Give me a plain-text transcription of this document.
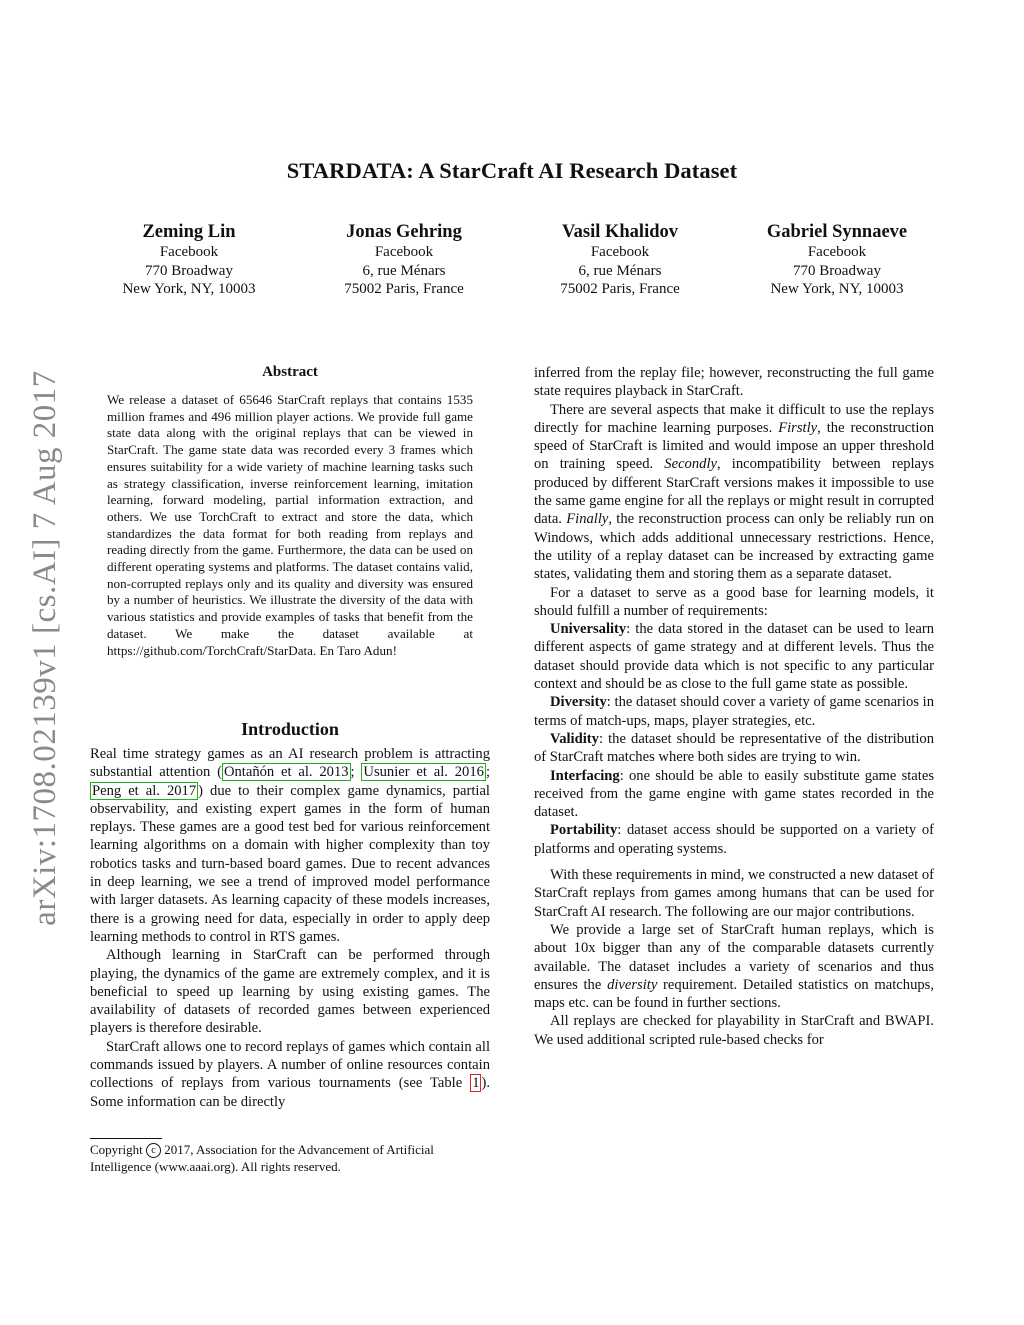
STARDATA: A StarCraft AI Research Dataset
Zeming Lin
Facebook
770 Broadway
New York, NY, 10003
Jonas Gehring
Facebook
6, rue Ménars
75002 Paris, France
Vasil Khalidov
Facebook
6, rue Ménars
75002 Paris, France
Gabriel Synnaeve
Facebook
770 Broadway
New York, NY, 10003
arXiv:1708.02139v1 [cs.AI] 7 Aug 2017	Abstract
We release a dataset of 65646 StarCraft replays that contains 1535 million frames and 496 million player actions. We provide full game state data along with the original replays that can be viewed in StarCraft. The game state data was recorded every 3 frames which ensures suitability for a wide variety of machine learning tasks such as strategy classification, inverse reinforcement learning, imitation learning, forward modeling, partial information extraction, and others. We use TorchCraft to extract and store the data, which standardizes the data format for both reading from replays and reading directly from the game. Furthermore, the data can be used on different operating systems and platforms. The dataset contains valid, non-corrupted replays only and its quality and diversity was ensured by a number of heuristics. We illustrate the diversity of the data with various statistics and provide examples of tasks that benefit from the dataset. We make the dataset available at https://github.com/TorchCraft/StarData. En Taro Adun!
Introduction

Real time strategy games as an AI research problem is attracting substantial attention ( Ontañón et al. 2013 ; Usunier et al. 2016 ; Peng et al. 2017 ) due to their complex game dynamics, partial observability, and existing expert games in the form of human replays. These games are a good test bed for various reinforcement learning algorithms on a domain with higher complexity than toy robotics tasks and turn-based board games. Due to recent advances in deep learning, we see a trend of improved model performance with larger datasets. As learning capacity of these models increases, there is a growing need for data, especially in order to apply deep learning methods to control in RTS games.

Although learning in StarCraft can be performed through playing, the dynamics of the game are extremely complex, and it is beneficial to speed up learning by using existing games. The availability of datasets of recorded games between experienced players is therefore desirable.

StarCraft allows one to record replays of games which contain all commands issued by players. A number of online resources contain collections of replays from various tournaments (see Table 1 ). Some information can be directly

Copyright c 2017, Association for the Advancement of Artificial Intelligence (www.aaai.org). All rights reserved.

inferred from the replay file; however, reconstructing the full game state requires playback in StarCraft.

There are several aspects that make it difficult to use the replays directly for machine learning purposes. Firstly, the reconstruction speed of StarCraft is limited and would impose an upper threshold on training speed. Secondly, incompatibility between replays produced by different StarCraft versions makes it impossible to use the same game engine for all the replays or might result in corrupted data. Finally, the reconstruction process can only be reliably run on Windows, which adds additional unnecessary restrictions. Hence, the utility of a replay dataset can be increased by extracting game states, validating them and storing them as a separate dataset.

For a dataset to serve as a good base for learning models, it should fulfill a number of requirements:

Universality: the data stored in the dataset can be used to learn different aspects of game strategy and at different levels. Thus the dataset should provide data which is not specific to any particular context and should be as close to the full game state as possible.

Diversity: the dataset should cover a variety of game scenarios in terms of match-ups, maps, player strategies, etc.

Validity: the dataset should be representative of the distribution of StarCraft matches where both sides are trying to win.

Interfacing: one should be able to easily substitute game states received from the game engine with game states recorded in the dataset.

Portability: dataset access should be supported on a variety of platforms and operating systems.

With these requirements in mind, we constructed a new dataset of StarCraft replays from games among humans that can be used for StarCraft AI research. The following are our major contributions.

We provide a large set of StarCraft human replays, which is about 10x bigger than any of the comparable datasets currently available. The dataset includes a variety of scenarios and thus ensures the diversity requirement. Detailed statistics on matchups, maps etc. can be found in further sections.

All replays are checked for playability in StarCraft and BWAPI. We used additional scripted rule-based checks for
